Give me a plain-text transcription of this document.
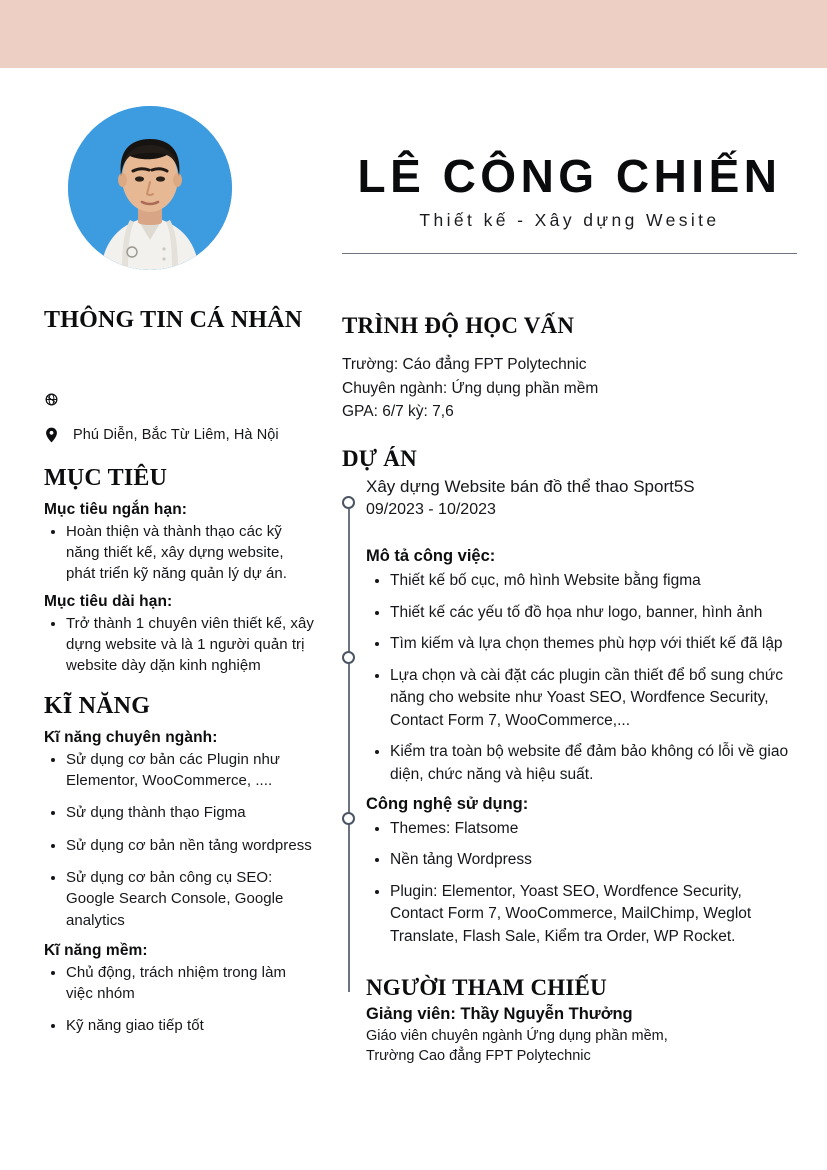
THÔNG TIN CÁ NHÂN
Phú Diễn, Bắc Từ Liêm, Hà Nội
MỤC TIÊU
Mục tiêu ngắn hạn:
• Hoàn thiện và thành thạo các kỹ năng thiết kế, xây dựng website, phát triển kỹ năng quản lý dự án.
Mục tiêu dài hạn:
• Trở thành 1 chuyên viên thiết kế, xây dựng website và là 1 người quản trị website dày dặn kinh nghiệm
KĨ NĂNG
Kĩ năng chuyên ngành:
• Sử dụng cơ bản các Plugin như Elementor, WooCommerce, ....
• Sử dụng thành thạo Figma
• Sử dụng cơ bản nền tảng wordpress
• Sử dụng cơ bản công cụ SEO: Google Search Console, Google analytics
Kĩ năng mềm:
• Chủ động, trách nhiệm trong làm việc nhóm
• Kỹ năng giao tiếp tốt
LÊ CÔNG CHIẾN
Thiết kế - Xây dựng Wesite
TRÌNH ĐỘ HỌC VẤN
Trường: Cáo đẳng FPT Polytechnic
Chuyên ngành: Ứng dụng phần mềm
GPA: 6/7 kỳ: 7,6
DỰ ÁN
Xây dựng Website bán đồ thể thao Sport5S
09/2023 - 10/2023
Mô tả công việc:
• Thiết kế bố cục, mô hình Website bằng figma
• Thiết kế các yếu tố đồ họa như logo, banner, hình ảnh
• Tìm kiếm và lựa chọn themes phù hợp với thiết kế đã lập
• Lựa chọn và cài đặt các plugin cần thiết để bổ sung chức năng cho website như Yoast SEO, Wordfence Security, Contact Form 7, WooCommerce,...
• Kiểm tra toàn bộ website để đảm bảo không có lỗi về giao diện, chức năng và hiệu suất.
Công nghệ sử dụng:
• Themes: Flatsome
• Nền tảng Wordpress
• Plugin: Elementor, Yoast SEO, Wordfence Security, Contact Form 7, WooCommerce, MailChimp, Weglot Translate, Flash Sale, Kiểm tra Order, WP Rocket.
NGƯỜI THAM CHIẾU
Giảng viên: Thầy Nguyễn Thưởng
Giáo viên chuyên ngành Ứng dụng phần mềm,
Trường Cao đẳng FPT Polytechnic
